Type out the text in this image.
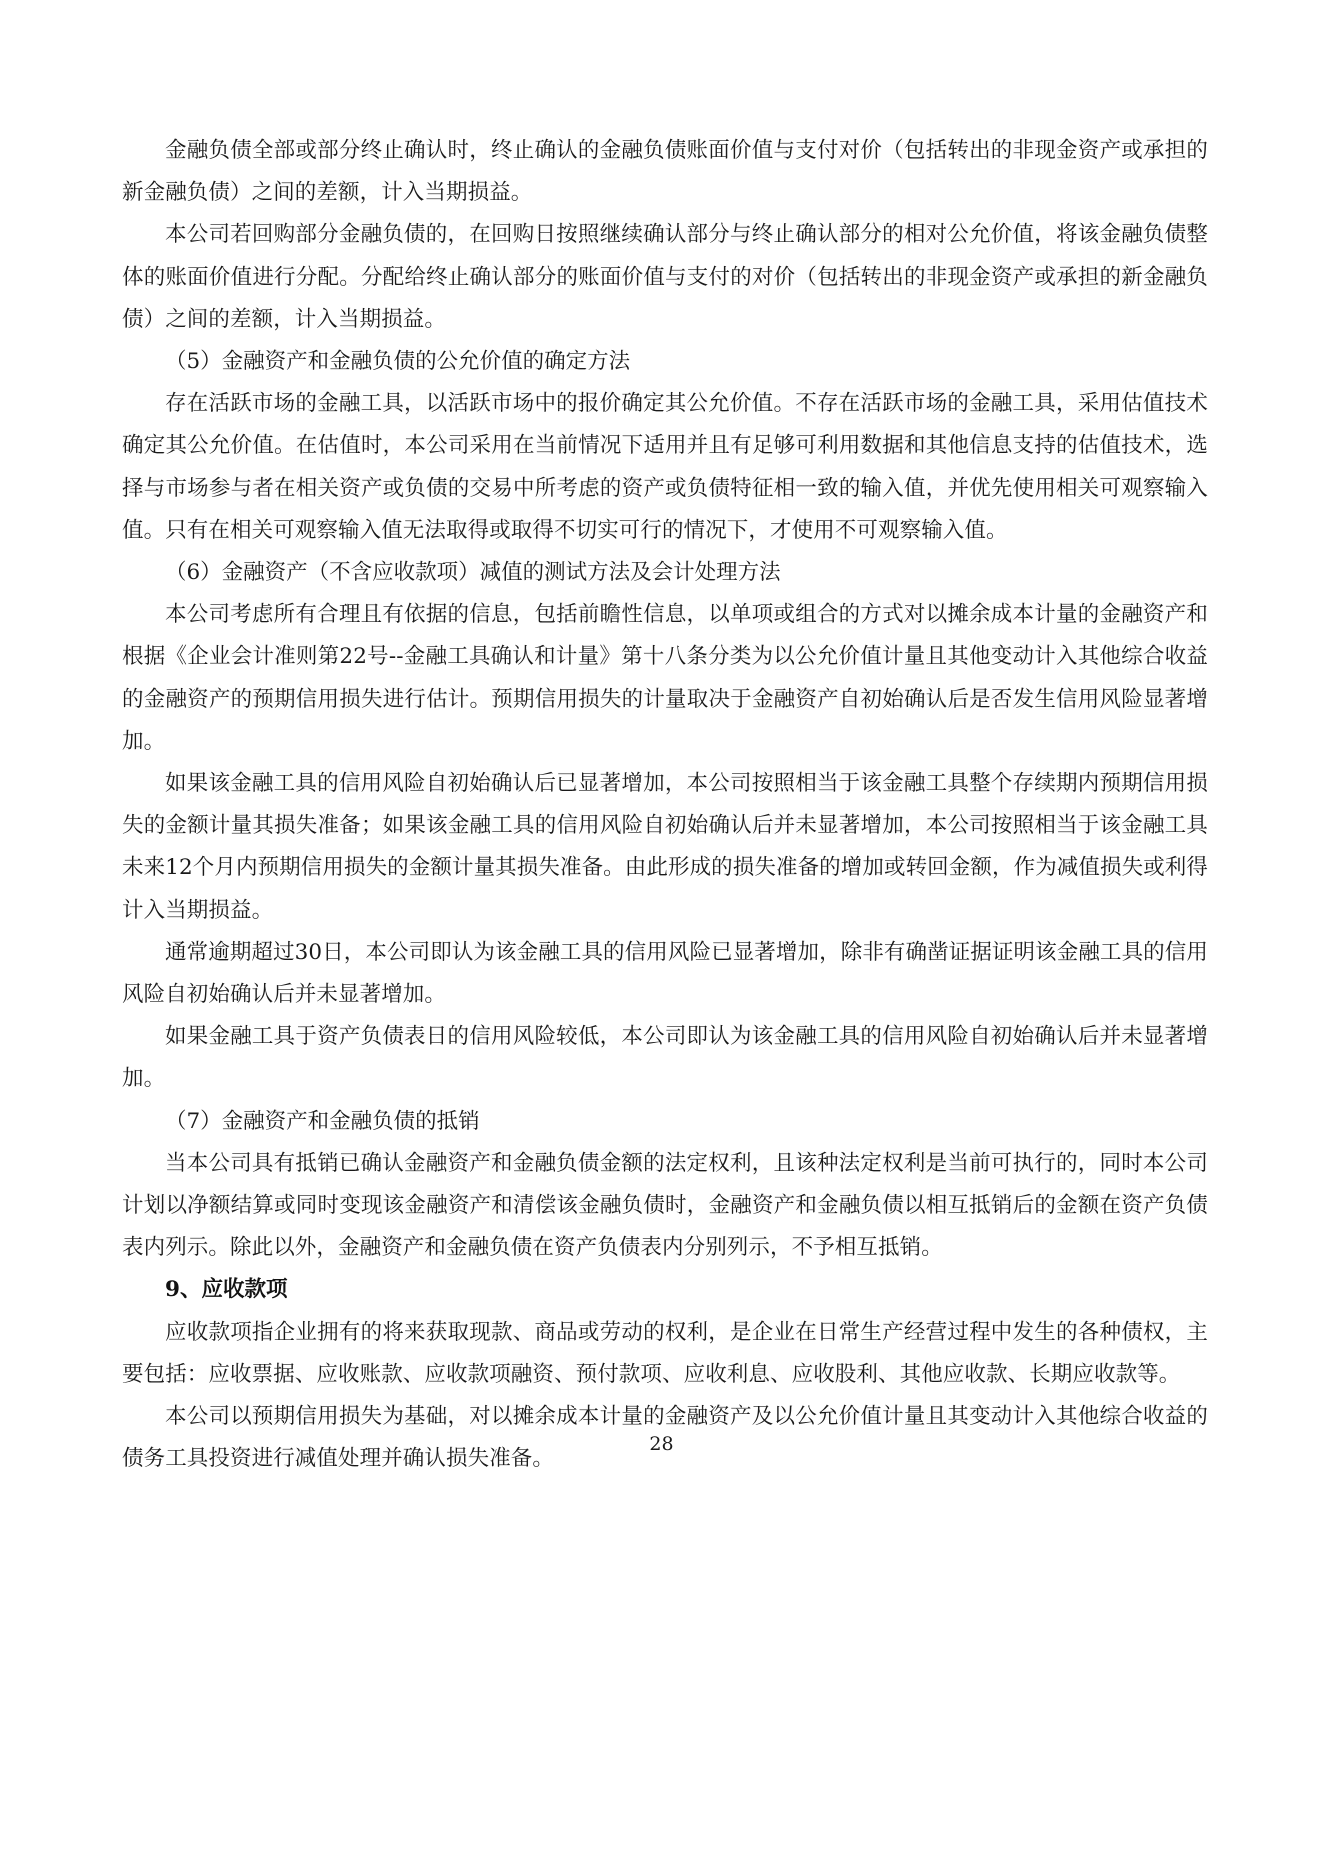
金融负债全部或部分终止确认时，终止确认的金融负债账面价值与支付对价（包括转出的非现金资产或承担的新金融负债）之间的差额，计入当期损益。

本公司若回购部分金融负债的，在回购日按照继续确认部分与终止确认部分的相对公允价值，将该金融负债整体的账面价值进行分配。分配给终止确认部分的账面价值与支付的对价（包括转出的非现金资产或承担的新金融负债）之间的差额，计入当期损益。

（5）金融资产和金融负债的公允价值的确定方法

存在活跃市场的金融工具，以活跃市场中的报价确定其公允价值。不存在活跃市场的金融工具，采用估值技术确定其公允价值。在估值时，本公司采用在当前情况下适用并且有足够可利用数据和其他信息支持的估值技术，选择与市场参与者在相关资产或负债的交易中所考虑的资产或负债特征相一致的输入值，并优先使用相关可观察输入值。只有在相关可观察输入值无法取得或取得不切实可行的情况下，才使用不可观察输入值。

（6）金融资产（不含应收款项）减值的测试方法及会计处理方法

本公司考虑所有合理且有依据的信息，包括前瞻性信息，以单项或组合的方式对以摊余成本计量的金融资产和根据《企业会计准则第22号--金融工具确认和计量》第十八条分类为以公允价值计量且其他变动计入其他综合收益的金融资产的预期信用损失进行估计。预期信用损失的计量取决于金融资产自初始确认后是否发生信用风险显著增加。

如果该金融工具的信用风险自初始确认后已显著增加，本公司按照相当于该金融工具整个存续期内预期信用损失的金额计量其损失准备；如果该金融工具的信用风险自初始确认后并未显著增加，本公司按照相当于该金融工具未来12个月内预期信用损失的金额计量其损失准备。由此形成的损失准备的增加或转回金额，作为减值损失或利得计入当期损益。

通常逾期超过30日，本公司即认为该金融工具的信用风险已显著增加，除非有确凿证据证明该金融工具的信用风险自初始确认后并未显著增加。

如果金融工具于资产负债表日的信用风险较低，本公司即认为该金融工具的信用风险自初始确认后并未显著增加。

（7）金融资产和金融负债的抵销

当本公司具有抵销已确认金融资产和金融负债金额的法定权利，且该种法定权利是当前可执行的，同时本公司计划以净额结算或同时变现该金融资产和清偿该金融负债时，金融资产和金融负债以相互抵销后的金额在资产负债表内列示。除此以外，金融资产和金融负债在资产负债表内分别列示，不予相互抵销。

9、应收款项

应收款项指企业拥有的将来获取现款、商品或劳动的权利，是企业在日常生产经营过程中发生的各种债权，主要包括：应收票据、应收账款、应收款项融资、预付款项、应收利息、应收股利、其他应收款、长期应收款等。

本公司以预期信用损失为基础，对以摊余成本计量的金融资产及以公允价值计量且其变动计入其他综合收益的债务工具投资进行减值处理并确认损失准备。

28
